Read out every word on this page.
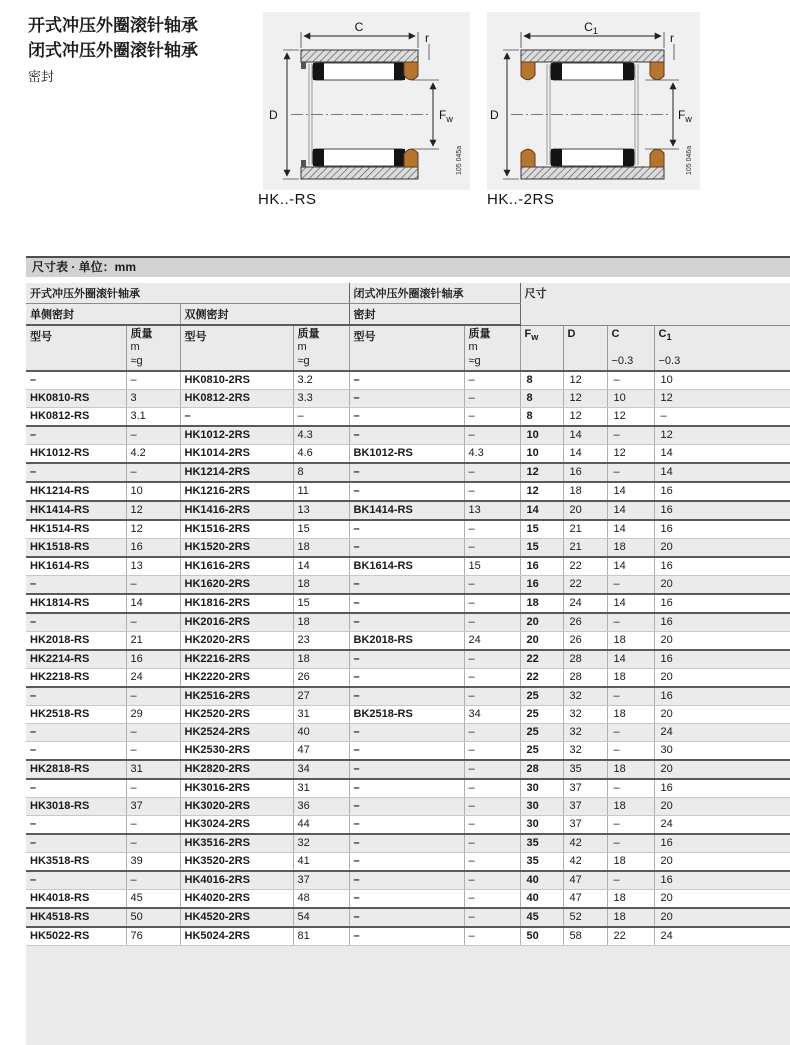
开式冲压外圈滚针轴承
闭式冲压外圈滚针轴承
密封
D
C
r
$F_w$
105 045a
HK..-RS
D
$C_1$	r
$F_w$
105 046a
HK..-2RS
尺寸表 · 单位：mm
开式冲压外圈滚针轴承				闭式冲压外圈滚针轴承		尺寸			
单侧密封		双侧密封		密封					
型号	质量
m
≈g	型号	质量
m
≈g	型号	质量
m
≈g	$F_w$	D	C
−0.3	$C_1$
−0.3

–	–	HK0810-2RS	3.2	–	–	8	12	–	10
HK0810-RS	3	HK0812-2RS	3.3	–	–	8	12	10	12
HK0812-RS	3.1	–	–	–	–	8	12	12	–
–	–	HK1012-2RS	4.3	–	–	10	14	–	12
HK1012-RS	4.2	HK1014-2RS	4.6	BK1012-RS	4.3	10	14	12	14
–	–	HK1214-2RS	8	–	–	12	16	–	14
HK1214-RS	10	HK1216-2RS	11	–	–	12	18	14	16
HK1414-RS	12	HK1416-2RS	13	BK1414-RS	13	14	20	14	16
HK1514-RS	12	HK1516-2RS	15	–	–	15	21	14	16
HK1518-RS	16	HK1520-2RS	18	–	–	15	21	18	20
HK1614-RS	13	HK1616-2RS	14	BK1614-RS	15	16	22	14	16
–	–	HK1620-2RS	18	–	–	16	22	–	20
HK1814-RS	14	HK1816-2RS	15	–	–	18	24	14	16
–	–	HK2016-2RS	18	–	–	20	26	–	16
HK2018-RS	21	HK2020-2RS	23	BK2018-RS	24	20	26	18	20
HK2214-RS	16	HK2216-2RS	18	–	–	22	28	14	16
HK2218-RS	24	HK2220-2RS	26	–	–	22	28	18	20
–	–	HK2516-2RS	27	–	–	25	32	–	16
HK2518-RS	29	HK2520-2RS	31	BK2518-RS	34	25	32	18	20
–	–	HK2524-2RS	40	–	–	25	32	–	24
–	–	HK2530-2RS	47	–	–	25	32	–	30
HK2818-RS	31	HK2820-2RS	34	–	–	28	35	18	20
–	–	HK3016-2RS	31	–	–	30	37	–	16
HK3018-RS	37	HK3020-2RS	36	–	–	30	37	18	20
–	–	HK3024-2RS	44	–	–	30	37	–	24
–	–	HK3516-2RS	32	–	–	35	42	–	16
HK3518-RS	39	HK3520-2RS	41	–	–	35	42	18	20
–	–	HK4016-2RS	37	–	–	40	47	–	16
HK4018-RS	45	HK4020-2RS	48	–	–	40	47	18	20
HK4518-RS	50	HK4520-2RS	54	–	–	45	52	18	20
HK5022-RS	76	HK5024-2RS	81	–	–	50	58	22	24
